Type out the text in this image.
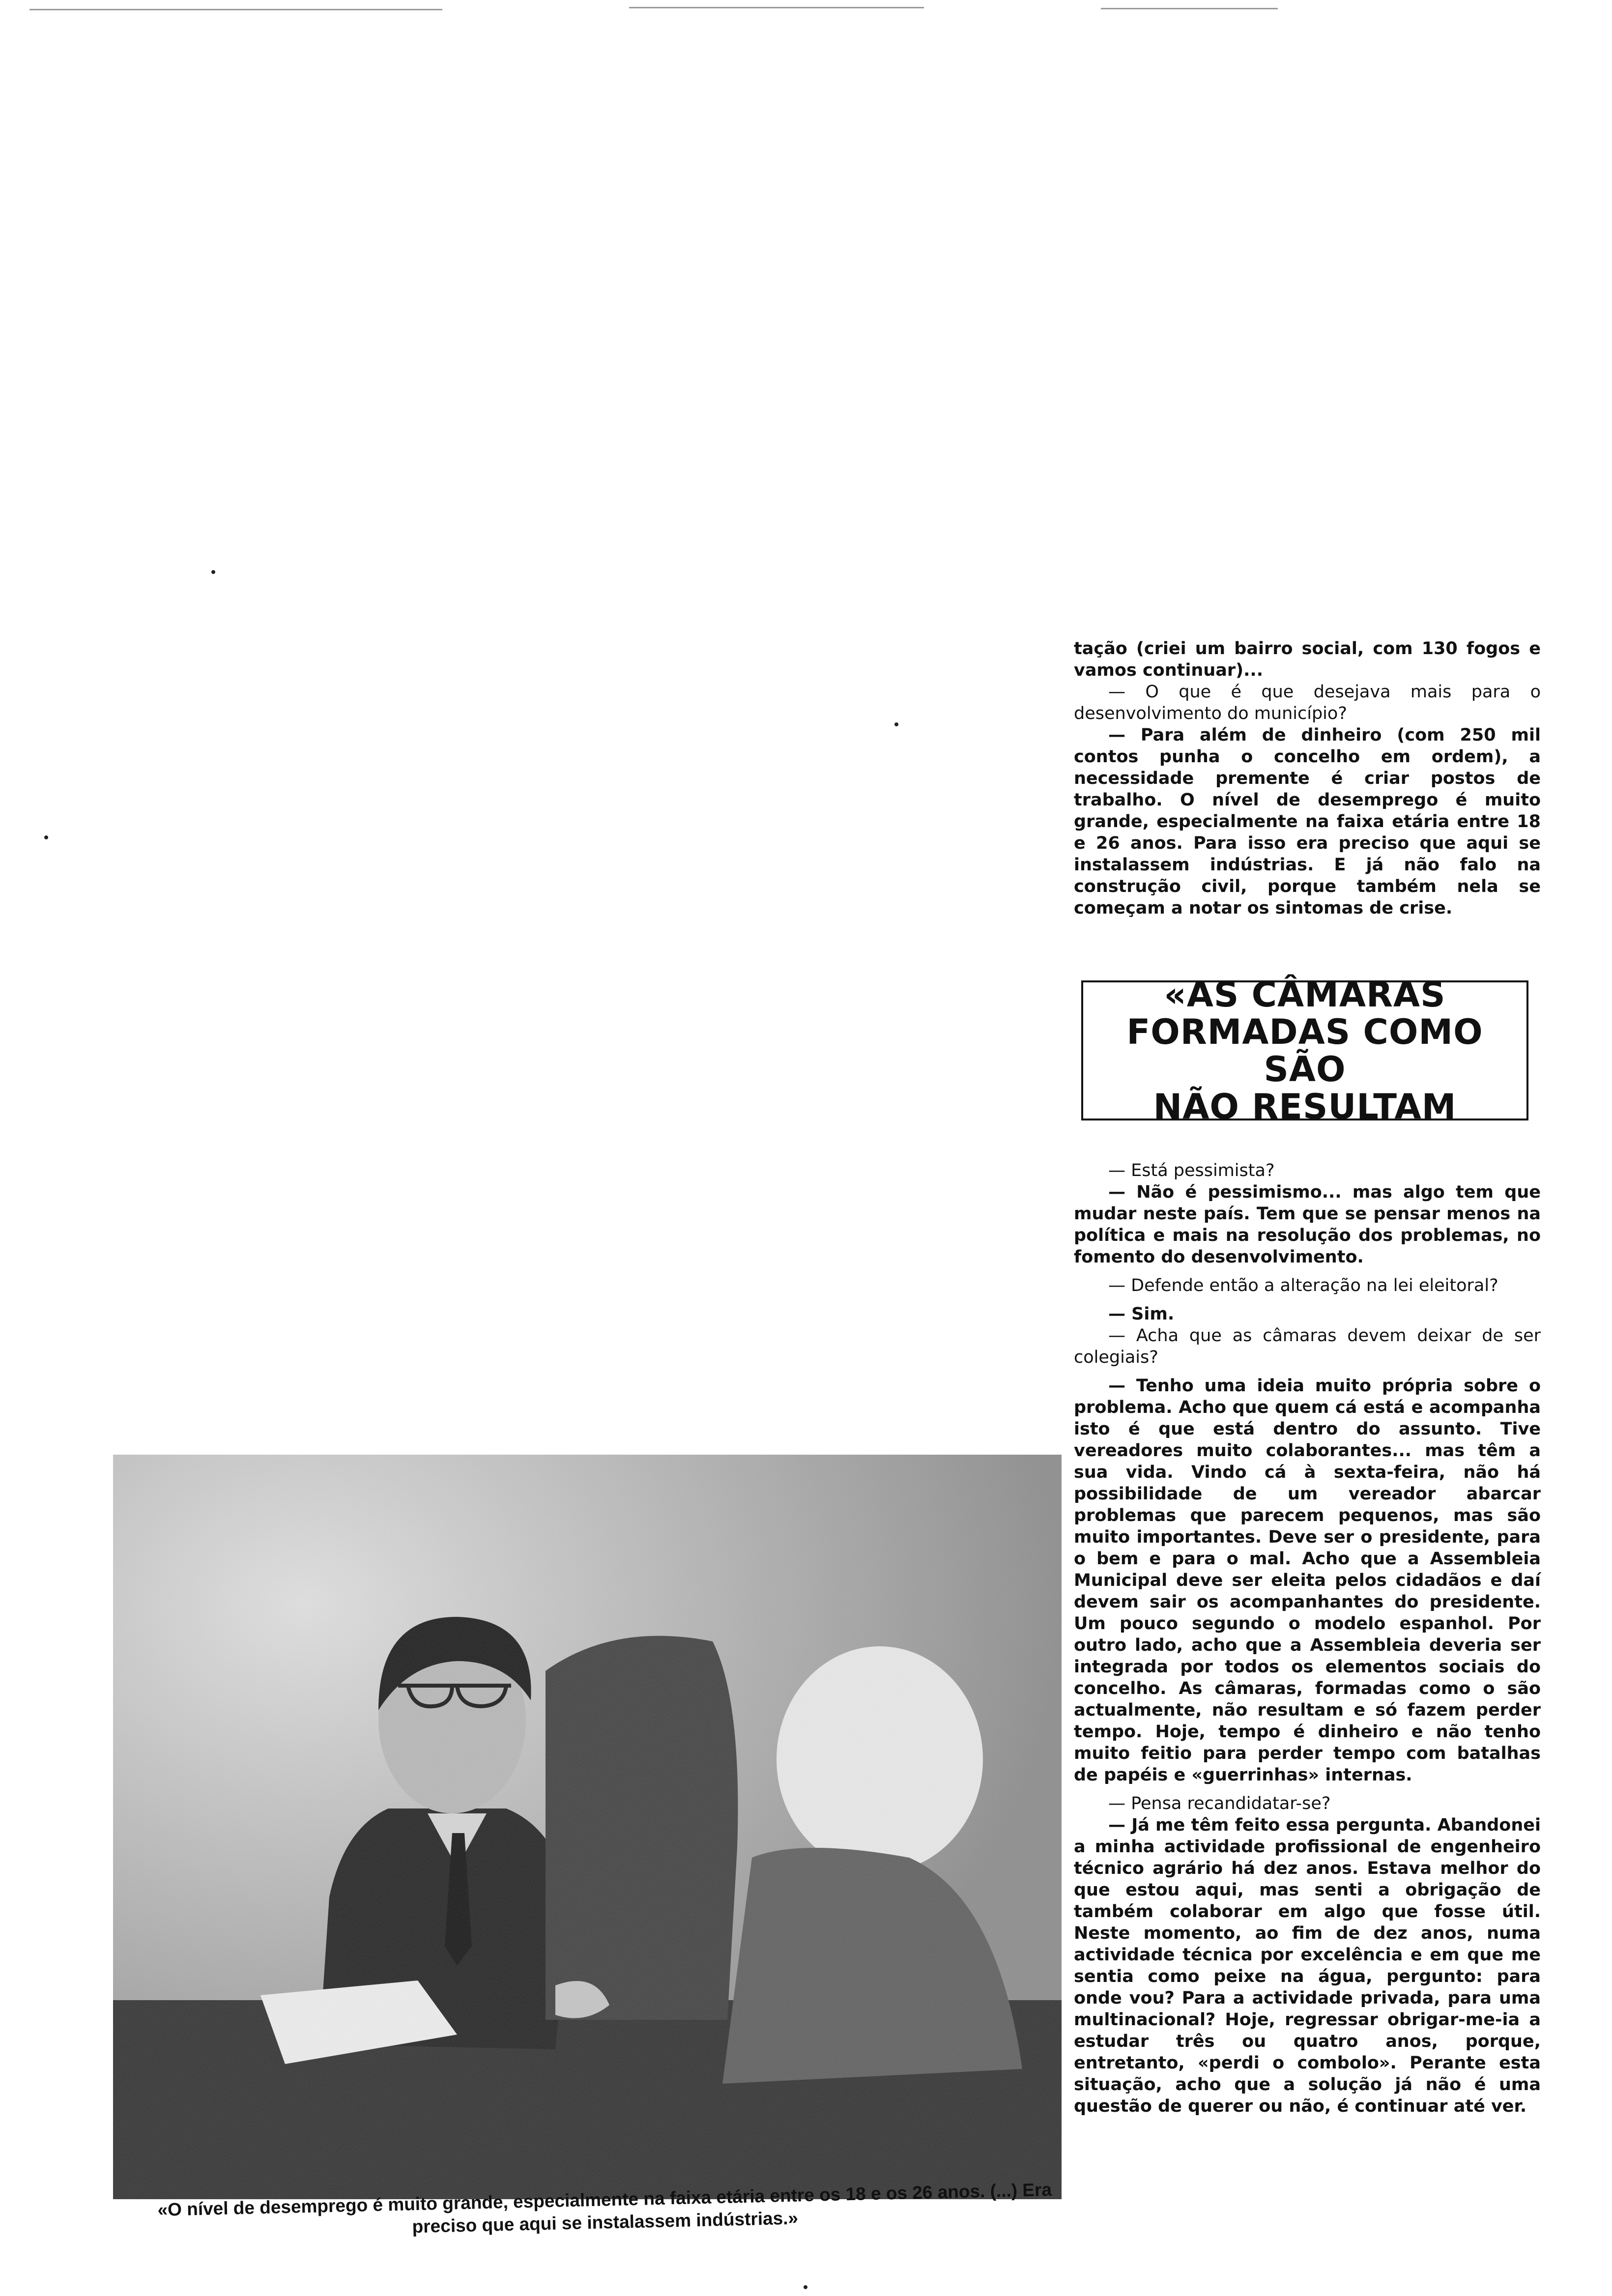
tação (criei um bairro social, com 130 fogos e vamos continuar)...

— O que é que desejava mais para o desenvolvimento do município?

— Para além de dinheiro (com 250 mil contos punha o concelho em ordem), a necessidade premente é criar postos de trabalho. O nível de desemprego é muito grande, especialmente na faixa etária entre 18 e 26 anos. Para isso era preciso que aqui se instalassem indústrias. E já não falo na construção civil, porque também nela se começam a notar os sintomas de crise.

«AS CÂMARAS
FORMADAS COMO SÃO
NÃO RESULTAM

— Está pessimista?

— Não é pessimismo... mas algo tem que mudar neste país. Tem que se pensar menos na política e mais na resolução dos problemas, no fomento do desenvolvimento.

— Defende então a alteração na lei eleitoral?

— Sim.

— Acha que as câmaras devem deixar de ser colegiais?

— Tenho uma ideia muito própria sobre o problema. Acho que quem cá está e acompanha isto é que está dentro do assunto. Tive vereadores muito colaborantes... mas têm a sua vida. Vindo cá à sexta-feira, não há possibilidade de um vereador abarcar problemas que parecem pequenos, mas são muito importantes. Deve ser o presidente, para o bem e para o mal. Acho que a Assembleia Municipal deve ser eleita pelos cidadãos e daí devem sair os acompanhantes do presidente. Um pouco segundo o modelo espanhol. Por outro lado, acho que a Assembleia deveria ser integrada por todos os elementos sociais do concelho. As câmaras, formadas como o são actualmente, não resultam e só fazem perder tempo. Hoje, tempo é dinheiro e não tenho muito feitio para perder tempo com batalhas de papéis e «guerrinhas» internas.

— Pensa recandidatar-se?

— Já me têm feito essa pergunta. Abandonei a minha actividade profissional de engenheiro técnico agrário há dez anos. Estava melhor do que estou aqui, mas senti a obrigação de também colaborar em algo que fosse útil. Neste momento, ao fim de dez anos, numa actividade técnica por excelência e em que me sentia como peixe na água, pergunto: para onde vou? Para a actividade privada, para uma multinacional? Hoje, regressar obrigar-me-ia a estudar três ou quatro anos, porque, entretanto, «perdi o combolo». Perante esta situação, acho que a solução já não é uma questão de querer ou não, é continuar até ver.

«O nível de desemprego é muito grande, especialmente na faixa etária entre os 18 e os 26 anos. (...) Era preciso que aqui se instalassem indústrias.»
